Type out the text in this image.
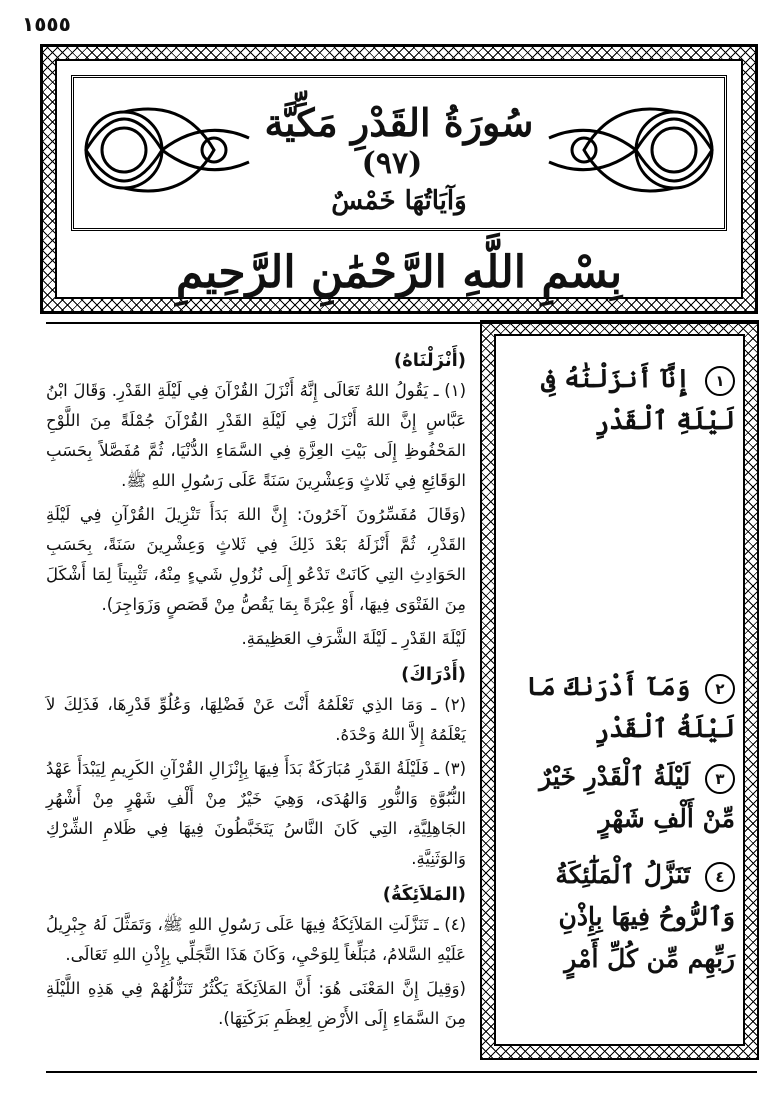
١٥٥٥
سُورَةُ القَدْرِ مَكِّيَّة (٩٧)
وَآيَاتُهَا خَمْسٌ
بِسْمِ اللَّهِ الرَّحْمَٰنِ الرَّحِيمِ
١ إِنَّآ أَنزَلْنَٰهُ فِى لَيْلَةِ ٱلْقَدْرِ
٢ وَمَآ أَدْرَىٰكَ مَا لَيْلَةُ ٱلْقَدْرِ
٣ لَيْلَةُ ٱلْقَدْرِ خَيْرٌ مِّنْ أَلْفِ شَهْرٍ
٤ تَنَزَّلُ ٱلْمَلَٰٓئِكَةُ وَٱلرُّوحُ فِيهَا بِإِذْنِ رَبِّهِم مِّن كُلِّ أَمْرٍ
(أَنْزَلْنَاهُ)

(١) ـ يَقُولُ اللهُ تَعَالَى إِنَّهُ أَنْزَلَ القُرْآنَ فِي لَيْلَةِ القَدْرِ. وَقَالَ ابْنُ عَبَّاسٍ إِنَّ اللهَ أَنْزَلَ فِي لَيْلَةِ القَدْرِ القُرْآنَ جُمْلَةً مِنَ اللَّوْحِ المَحْفُوظِ إِلَى بَيْتِ العِزَّةِ فِي السَّمَاءِ الدُّنْيَا، ثُمَّ مُفَصَّلاً بِحَسَبِ الوَقَائِعِ فِي ثَلاثٍ وَعِشْرِينَ سَنَةً عَلَى رَسُولِ اللهِ ﷺ.

(وَقَالَ مُفَسِّرُونَ آخَرُونَ: إِنَّ اللهَ بَدَأَ تَنْزِيلَ القُرْآنِ فِي لَيْلَةِ القَدْرِ، ثُمَّ أَنْزَلَهُ بَعْدَ ذَلِكَ فِي ثَلاثٍ وَعِشْرِينَ سَنَةً، بِحَسَبِ الحَوَادِثِ التِي كَانَتْ تَدْعُو إِلَى نُزُولِ شَيءٍ مِنْهُ، تَثْبِيتاً لِمَا أَشْكَلَ مِنَ الفَتْوَى فِيهَا، أَوْ عِبْرَةً بِمَا يَقُصُّ مِنْ قَصَصٍ وَزَوَاجِرَ).

لَيْلَةَ القَدْرِ ـ لَيْلَةَ الشَّرَفِ العَظِيمَةِ.

(أَدْرَاكَ)

(٢) ـ وَمَا الذِي تَعْلَمُهُ أَنْتَ عَنْ فَضْلِهَا، وَعُلُوِّ قَدْرِهَا، فَذَلِكَ لاَ يَعْلَمُهُ إِلاَّ اللهُ وَحْدَهُ.

(٣) ـ فَلَيْلَةُ القَدْرِ مُبَارَكَةٌ بَدَأَ فِيهَا بِإِنْزَالِ القُرْآنِ الكَرِيمِ لِيَبْدَأَ عَهْدُ النُّبُوَّةِ وَالنُّورِ وَالهُدَى، وَهِيَ خَيْرٌ مِنْ أَلْفِ شَهْرٍ مِنْ أَشْهُرِ الجَاهِلِيَّةِ، التِي كَانَ النَّاسُ يَتَخَبَّطُونَ فِيهَا فِي ظَلامِ الشِّرْكِ وَالوَثَنِيَّةِ.

(المَلاَئِكَةُ)

(٤) ـ تَنَزَّلَتِ المَلاَئِكَةُ فِيهَا عَلَى رَسُولِ اللهِ ﷺ، وَتَمَثَّلَ لَهُ جِبْرِيلُ عَلَيْهِ السَّلامُ، مُبَلِّغاً لِلوَحْيِ، وَكَانَ هَذَا التَّجَلِّي بِإِذْنِ اللهِ تَعَالَى.

(وَقِيلَ إِنَّ المَعْنَى هُوَ: أَنَّ المَلاَئِكَةَ يَكْثُرُ تَنَزُّلُهُمْ فِي هَذِهِ اللَّيْلَةِ مِنَ السَّمَاءِ إِلَى الأَرْضِ لِعِظَمِ بَرَكَتِهَا).
